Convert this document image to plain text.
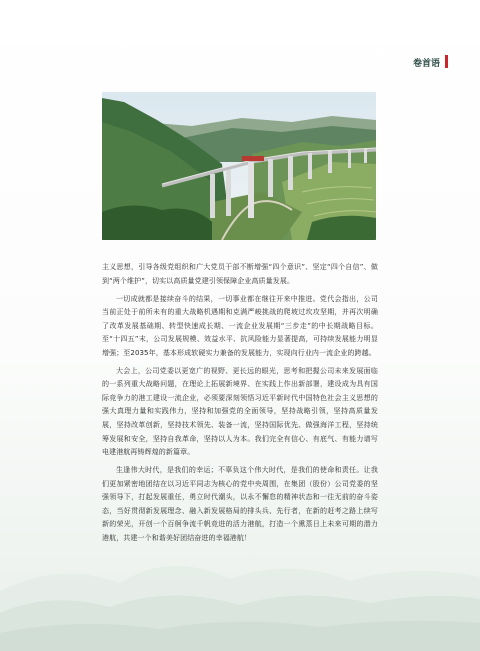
卷首语

主义思想，引导各级党组织和广大党员干部不断增强“四个意识”、坚定“四个自信”、做到“两个维护”，切实以高质量党建引领保障企业高质量发展。

一切成就都是接续奋斗的结果，一切事业都在继往开来中推进。党代会指出，公司当前正处于前所未有的重大战略机遇期和克满严峻挑战的爬坡过坎攻坚期，并再次明确了改革发展基础期、转型快速成长期、一流企业发展期“三步走”的中长期战略目标。至“十四五”末，公司发展规模、效益水平、抗风险能力显著提高，可持续发展能力明显增强；至2035年，基本形成软硬实力兼备的发展能力，实现向行业内一流企业的跨越。

大会上，公司党委以更宽广的视野、更长远的眼光，思考和把握公司未来发展面临的一系列重大战略问题，在理论上拓展新境界、在实践上作出新部署，建设成为具有国际竞争力的港工建设一流企业，必须要深刻领悟习近平新时代中国特色社会主义思想的强大真理力量和实践伟力，坚持和加强党的全面领导，坚持战略引领，坚持高质量发展，坚持改革创新，坚持技术领先、装备一流，坚持国际优先、做强海洋工程，坚持统筹发展和安全，坚持自我革命，坚持以人为本。我们完全有信心、有底气、有能力谱写电建港航再铸辉煌的新篇章。

生逢伟大时代，是我们的幸运；不辜负这个伟大时代，是我们的使命和责任。让我们更加紧密地团结在以习近平同志为核心的党中央周围，在集团（股份）公司党委的坚强领导下，打起发展重任，勇立时代潮头，以永不懈怠的精神状态和一往无前的奋斗姿态，当好贯彻新发展理念、融入新发展格局的排头兵、先行者，在新的赶考之路上续写新的荣光，开创一个百舸争流千帆竞进的活力港航，打造一个熏蒸日上未来可期的潜力港航，共建一个和谐美好团结奋进的幸福港航！
